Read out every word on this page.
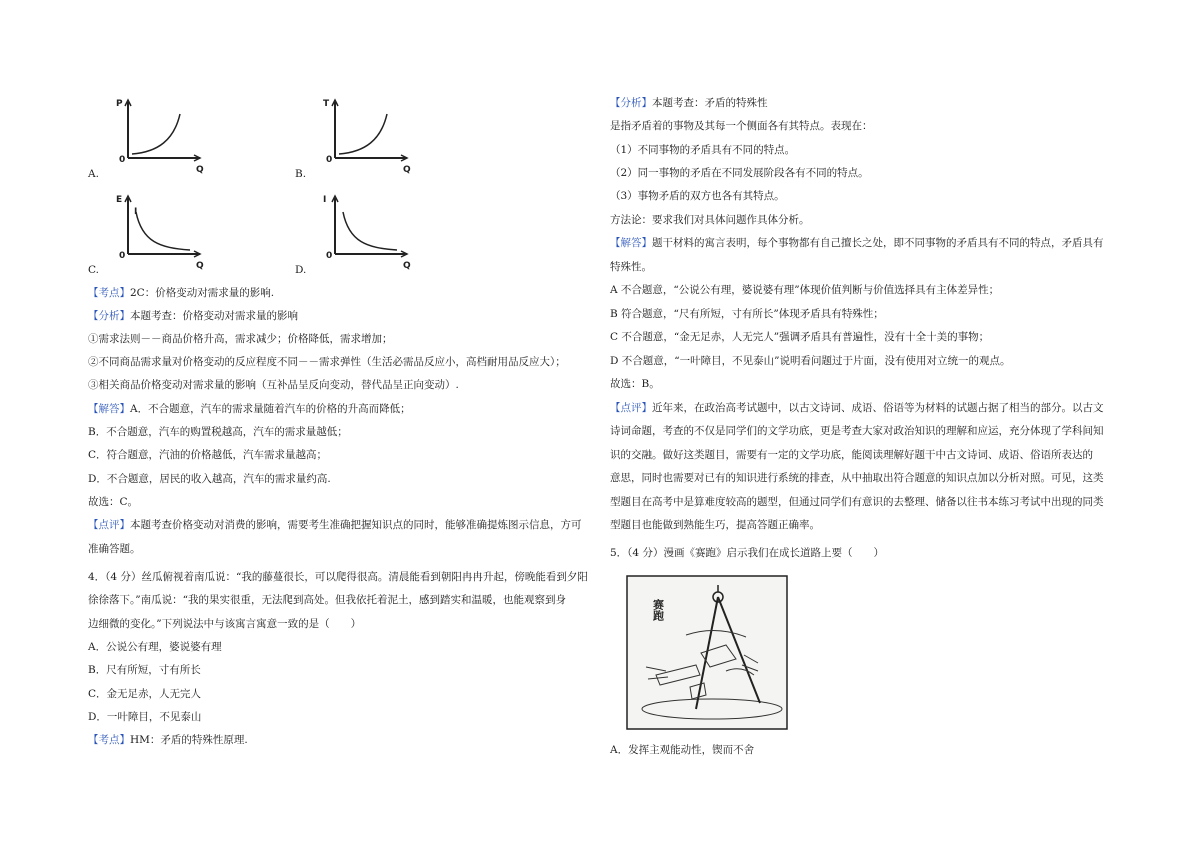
P
Q
0
A.
T
Q
0
B.
E
Q
0
I
C.
I
Q
0
D.
【考点】2C：价格变动对需求量的影响.
【分析】本题考查：价格变动对需求量的影响
①需求法则－－商品价格升高，需求减少；价格降低，需求增加；
②不同商品需求量对价格变动的反应程度不同－－需求弹性（生活必需品反应小，高档耐用品反应大）；
③相关商品价格变动对需求量的影响（互补品呈反向变动，替代品呈正向变动）.
【解答】A．不合题意，汽车的需求量随着汽车的价格的升高而降低；
B．不合题意，汽车的购置税越高，汽车的需求量越低；
C．符合题意，汽油的价格越低，汽车需求量越高；
D．不合题意，居民的收入越高，汽车的需求量约高.
故选：C。
【点评】本题考查价格变动对消费的影响，需要考生准确把握知识点的同时，能够准确提炼图示信息，方可
准确答题。
4．（4 分）丝瓜俯视着南瓜说：“我的藤蔓很长，可以爬得很高。清晨能看到朝阳冉冉升起，傍晚能看到夕阳
徐徐落下。”南瓜说：“我的果实很重，无法爬到高处。但我依托着泥土，感到踏实和温暖，也能观察到身
边细微的变化。”下列说法中与该寓言寓意一致的是（　　）
A．公说公有理，婆说婆有理
B．尺有所短，寸有所长
C．金无足赤，人无完人
D．一叶障目，不见泰山
【考点】HM：矛盾的特殊性原理.
【分析】本题考查：矛盾的特殊性
是指矛盾着的事物及其每一个侧面各有其特点。表现在：
（1）不同事物的矛盾具有不同的特点。
（2）同一事物的矛盾在不同发展阶段各有不同的特点。
（3）事物矛盾的双方也各有其特点。
方法论：要求我们对具体问题作具体分析。
【解答】题干材料的寓言表明，每个事物都有自己擅长之处，即不同事物的矛盾具有不同的特点，矛盾具有
特殊性。
A 不合题意，“公说公有理，婆说婆有理”体现价值判断与价值选择具有主体差异性；
B 符合题意，“尺有所短，寸有所长”体现矛盾具有特殊性；
C 不合题意，“金无足赤，人无完人”强调矛盾具有普遍性，没有十全十美的事物；
D 不合题意，“一叶障目，不见泰山”说明看问题过于片面，没有使用对立统一的观点。
故选：B。
【点评】近年来，在政治高考试题中，以古文诗词、成语、俗语等为材料的试题占据了相当的部分。以古文
诗词命题，考查的不仅是同学们的文学功底，更是考查大家对政治知识的理解和应运，充分体现了学科间知
识的交融。做好这类题目，需要有一定的文学功底，能阅读理解好题干中古文诗词、成语、俗语所表达的
意思，同时也需要对已有的知识进行系统的排查，从中抽取出符合题意的知识点加以分析对照。可见，这类
型题目在高考中是算难度较高的题型，但通过同学们有意识的去整理、储备以往书本练习考试中出现的同类
型题目也能做到熟能生巧，提高答题正确率。
5．（4 分）漫画《赛跑》启示我们在成长道路上要（　　）
A．发挥主观能动性，锲而不舍
赛跑
